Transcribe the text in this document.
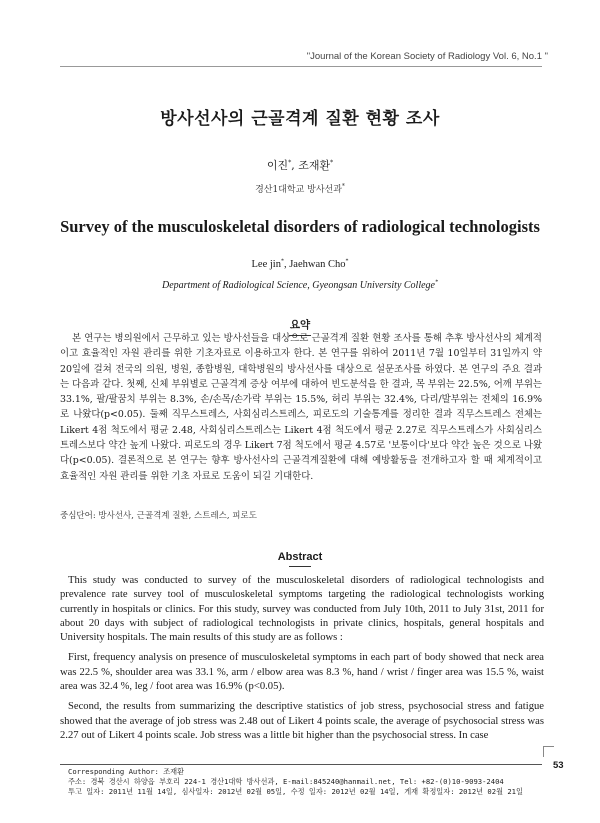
"Journal of the Korean Society of Radiology Vol. 6, No.1 "
방사선사의 근골격계 질환 현황 조사
이진*, 조재환*
경산1대학교 방사선과*
Survey of the musculoskeletal disorders of radiological technologists
Lee jin*, Jaehwan Cho*
Department of Radiological Science, Gyeongsan University College*
요약
본 연구는 병의원에서 근무하고 있는 방사선들을 대상으로 근골격계 질환 현황 조사를 통해 추후 방사선사의 체계적이고 효율적인 자원 관리를 위한 기초자료로 이용하고자 한다. 본 연구를 위하여 2011년 7월 10일부터 31일까지 약 20일에 걸쳐 전국의 의원, 병원, 종합병원, 대학병원의 방사선사를 대상으로 설문조사를 하였다. 본 연구의 주요 결과는 다음과 같다. 첫째, 신체 부위별로 근골격계 증상 여부에 대하여 빈도분석을 한 결과, 목 부위는 22.5%, 어깨 부위는 33.1%, 팔/팔꿈치 부위는 8.3%, 손/손목/손가락 부위는 15.5%, 허리 부위는 32.4%, 다리/발부위는 전체의 16.9%로 나왔다(p<0.05). 둘째 직무스트레스, 사회심리스트레스, 피로도의 기술통계를 정리한 결과 직무스트레스 전체는 Likert 4점 척도에서 평균 2.48, 사회심리스트레스는 Likert 4점 척도에서 평균 2.27로 직무스트레스가 사회심리스트레스보다 약간 높게 나왔다. 피로도의 경우 Likert 7점 척도에서 평균 4.57로 '보통이다'보다 약간 높은 것으로 나왔다(p<0.05). 결론적으로 본 연구는 향후 방사선사의 근골격계질환에 대해 예방활동을 전개하고자 할 때 체계적이고 효율적인 자원 관리를 위한 기초 자료로 도움이 되길 기대한다.
중심단어: 방사선사, 근골격계 질환, 스트레스, 피로도
Abstract

This study was conducted to survey of the musculoskeletal disorders of radiological technologists and prevalence rate survey tool of musculoskeletal symptoms targeting the radiological technologists working currently in hospitals or clinics. For this study, survey was conducted from July 10th, 2011 to July 31st, 2011 for about 20 days with subject of radiological technologists in private clinics, hospitals, general hospitals and University hospitals. The main results of this study are as follows :

First, frequency analysis on presence of musculoskeletal symptoms in each part of body showed that neck area was 22.5 %, shoulder area was 33.1 %, arm / elbow area was 8.3 %, hand / wrist / finger area was 15.5 %, waist area was 32.4 %, leg / foot area was 16.9% (p<0.05).

Second, the results from summarizing the descriptive statistics of job stress, psychosocial stress and fatigue showed that the average of job stress was 2.48 out of Likert 4 points scale, the average of psychosocial stress was 2.27 out of Likert 4 points scale. Job stress was a little bit higher than the psychosocial stress. In case

53
Corresponding Author: 조재환
주소: 경북 경산시 하양읍 부호리 224-1 경산1대학 방사선과, E-mail:845240@hanmail.net, Tel: +82-(0)10-9093-2404
투고 일자: 2011년 11월 14일, 심사일자: 2012년 02월 05일, 수정 일자: 2012년 02월 14일, 게재 확정일자: 2012년 02월 21일
